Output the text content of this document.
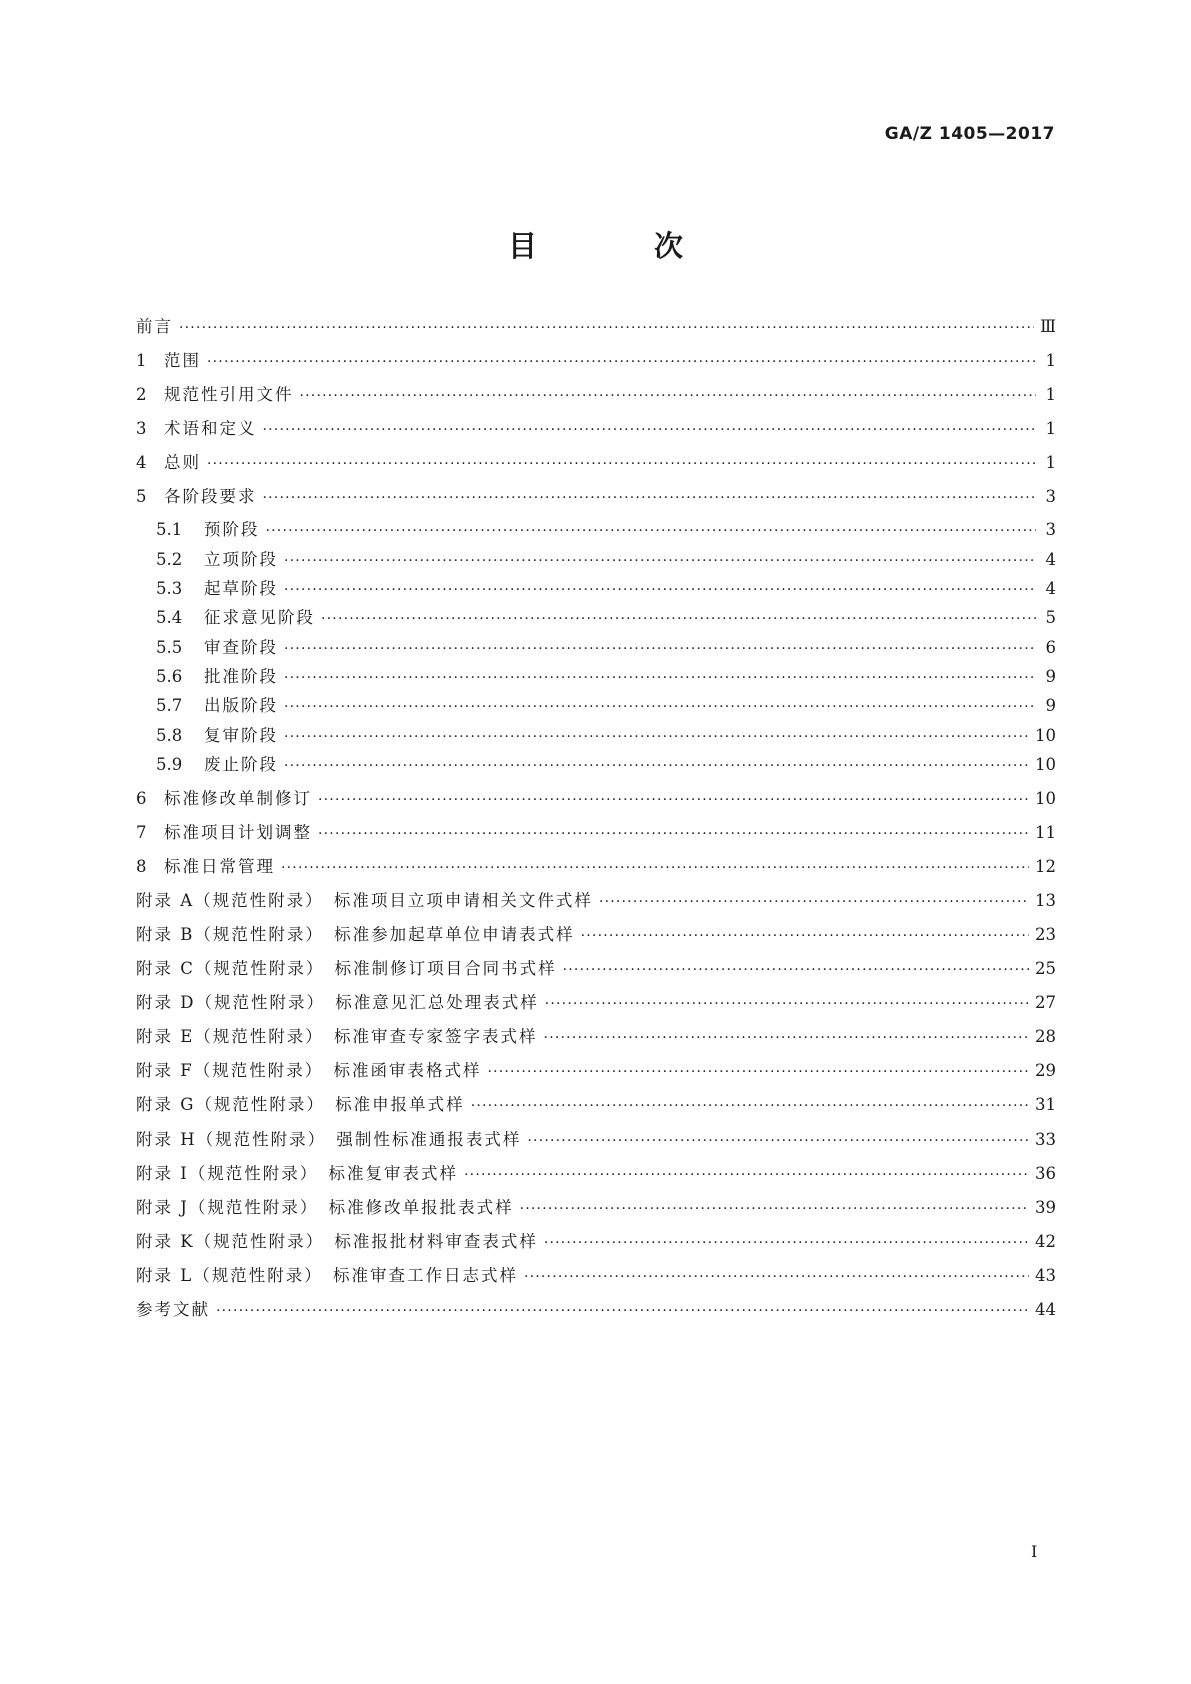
GA/Z 1405—2017
目　次
前言 ·····	Ⅲ
1	范围 ·····	1
2	规范性引用文件 ·····	1
3	术语和定义 ·····	1
4	总则 ·····	1
5	各阶段要求 ·····	3
5.1	预阶段 ·····	3
5.2	立项阶段 ·····	4
5.3	起草阶段 ·····	4
5.4	征求意见阶段 ·····	5
5.5	审查阶段 ·····	6
5.6	批准阶段 ·····	9
5.7	出版阶段 ·····	9
5.8	复审阶段 ·····	10
5.9	废止阶段 ·····	10
6	标准修改单制修订 ·····	10
7	标准项目计划调整 ·····	11
8	标准日常管理 ·····	12
附录 A（规范性附录）　标准项目立项申请相关文件式样 ·····	13
附录 B（规范性附录）　标准参加起草单位申请表式样 ·····	23
附录 C（规范性附录）　标准制修订项目合同书式样 ·····	25
附录 D（规范性附录）　标准意见汇总处理表式样 ·····	27
附录 E（规范性附录）　标准审查专家签字表式样 ·····	28
附录 F（规范性附录）　标准函审表格式样 ·····	29
附录 G（规范性附录）　标准申报单式样 ·····	31
附录 H（规范性附录）　强制性标准通报表式样 ·····	33
附录 I（规范性附录）　标准复审表式样 ·····	36
附录 J（规范性附录）　标准修改单报批表式样 ·····	39
附录 K（规范性附录）　标准报批材料审查表式样 ·····	42
附录 L（规范性附录）　标准审查工作日志式样 ·····	43
参考文献 ·····	44
I
